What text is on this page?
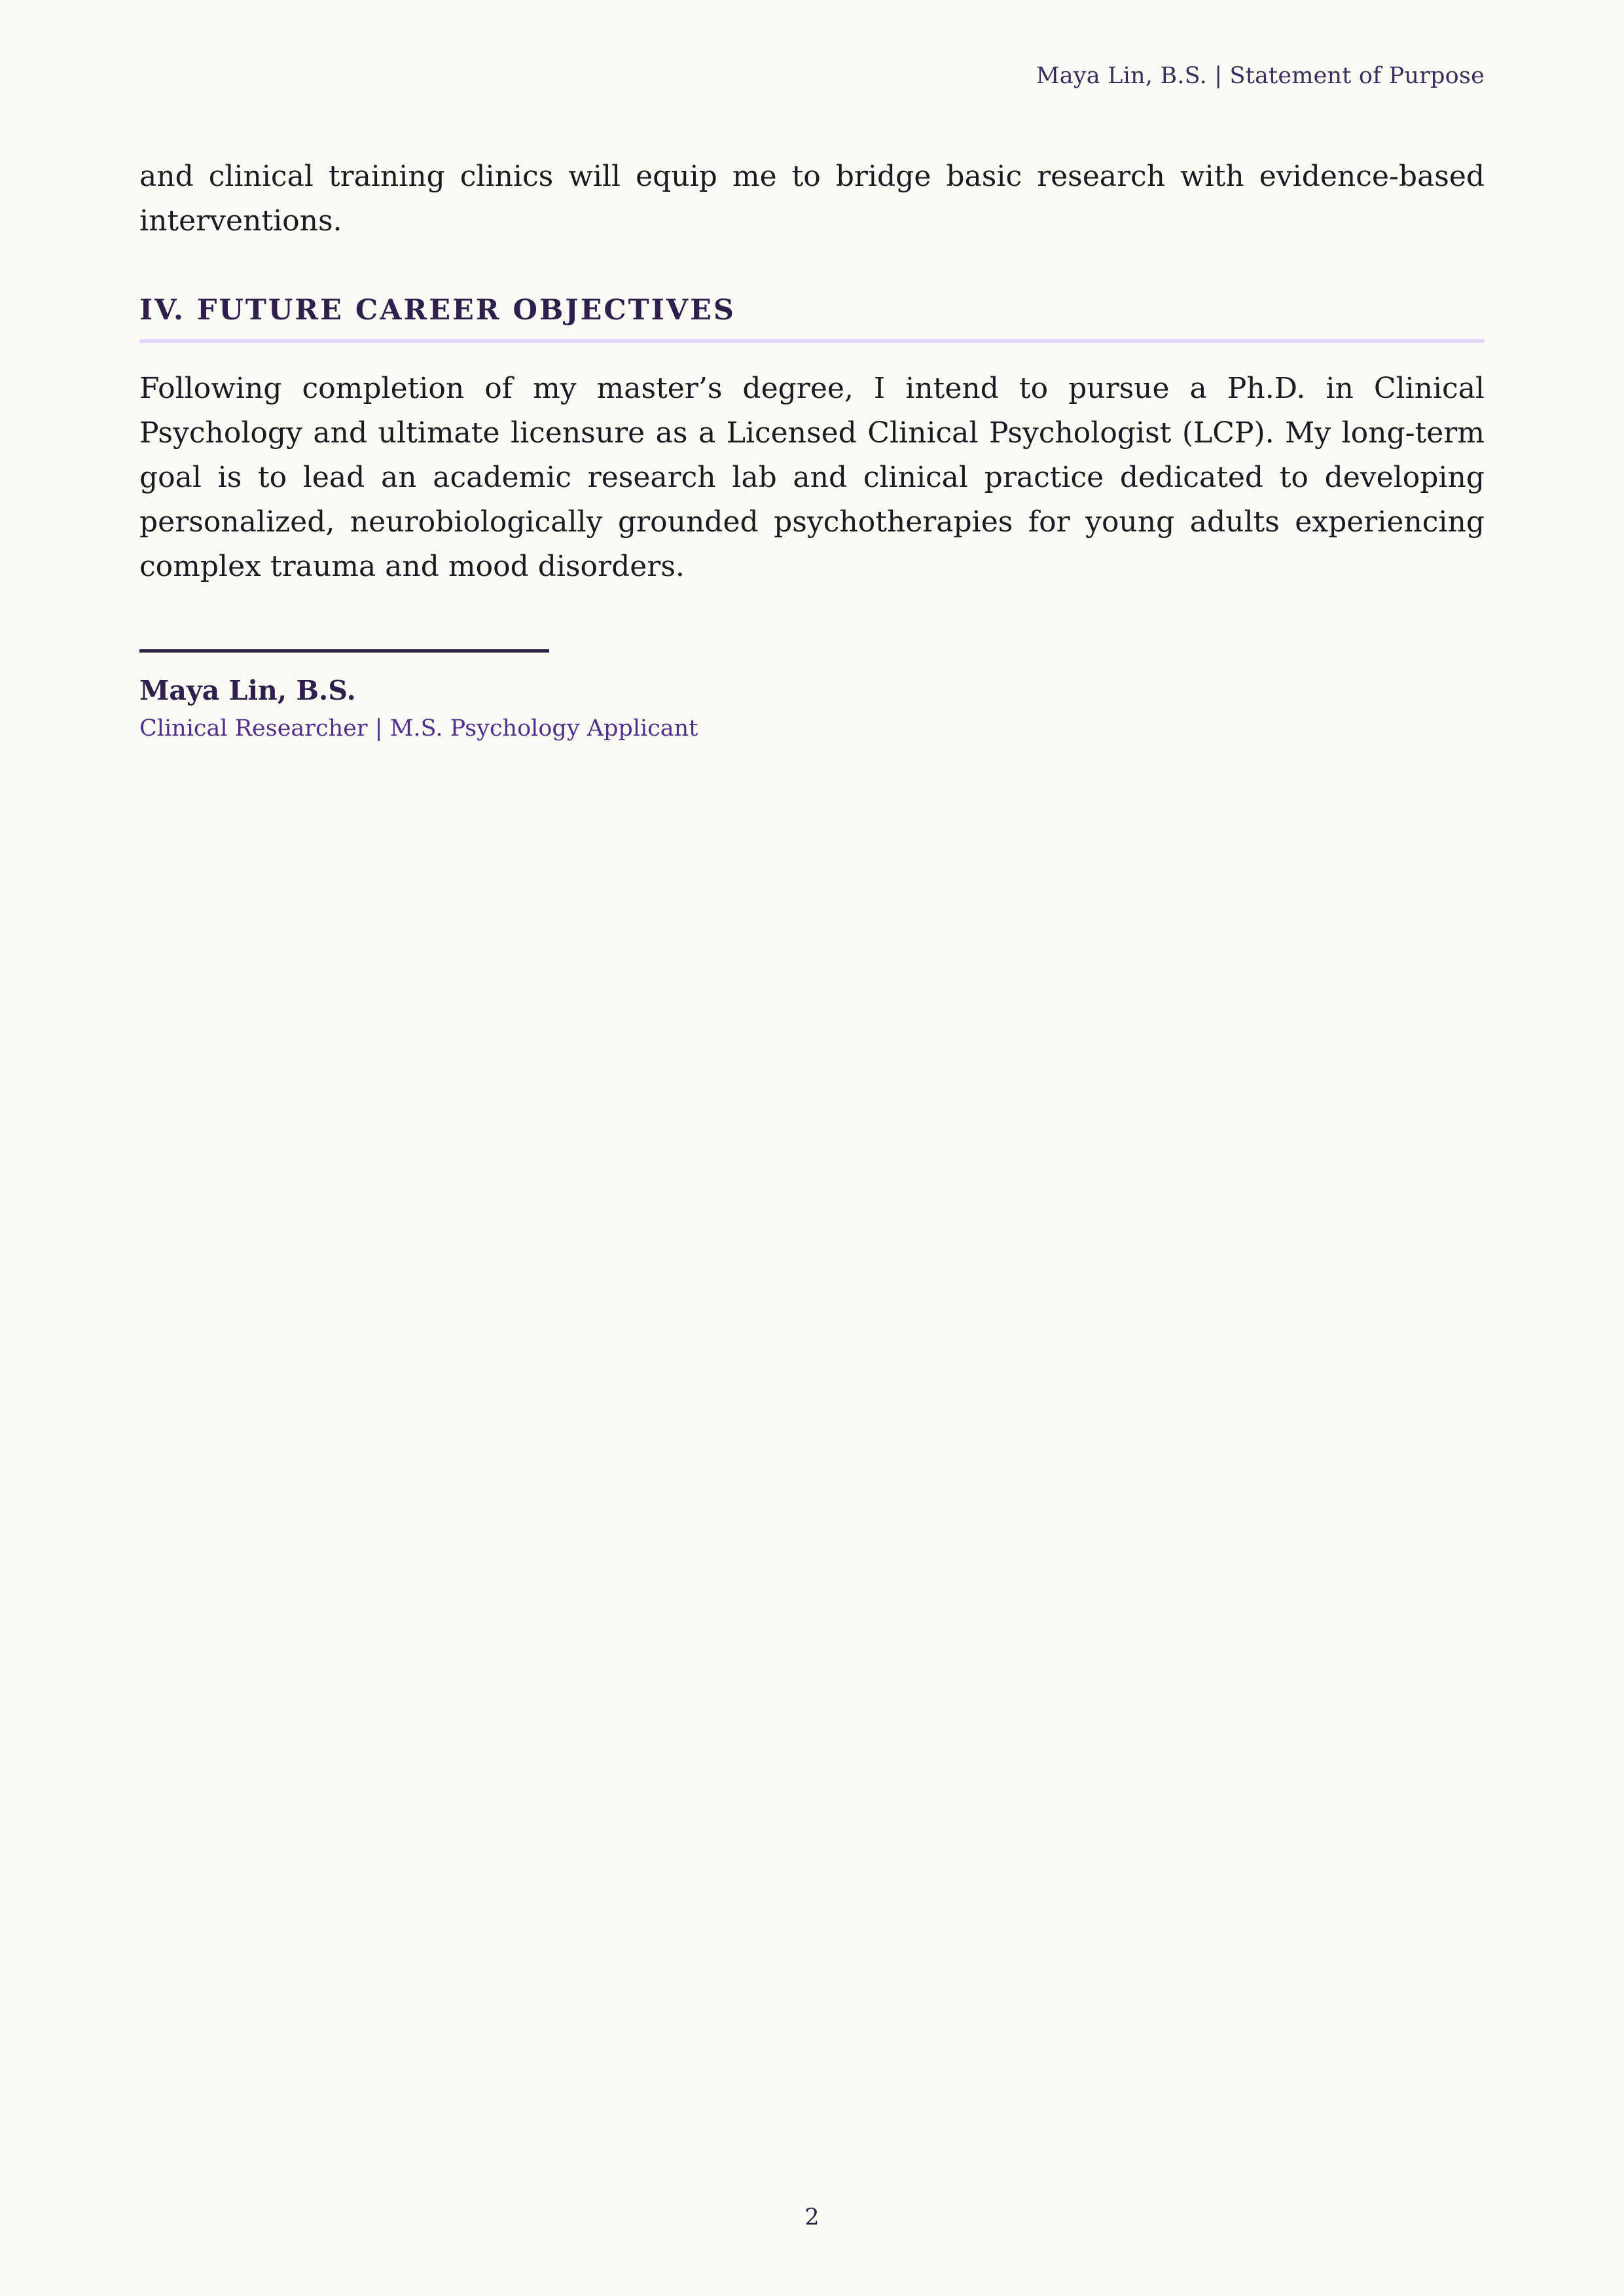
Maya Lin, B.S. | Statement of Purpose

and clinical training clinics will equip me to bridge basic research with evidence-based interventions.

IV. FUTURE CAREER OBJECTIVES

Following completion of my master’s degree, I intend to pursue a Ph.D. in Clinical Psychology and ultimate licensure as a Licensed Clinical Psychologist (LCP). My long-term goal is to lead an academic research lab and clinical practice dedicated to developing personalized, neurobiologically grounded psychotherapies for young adults experiencing complex trauma and mood disorders.

Maya Lin, B.S.
Clinical Researcher | M.S. Psychology Applicant
2
